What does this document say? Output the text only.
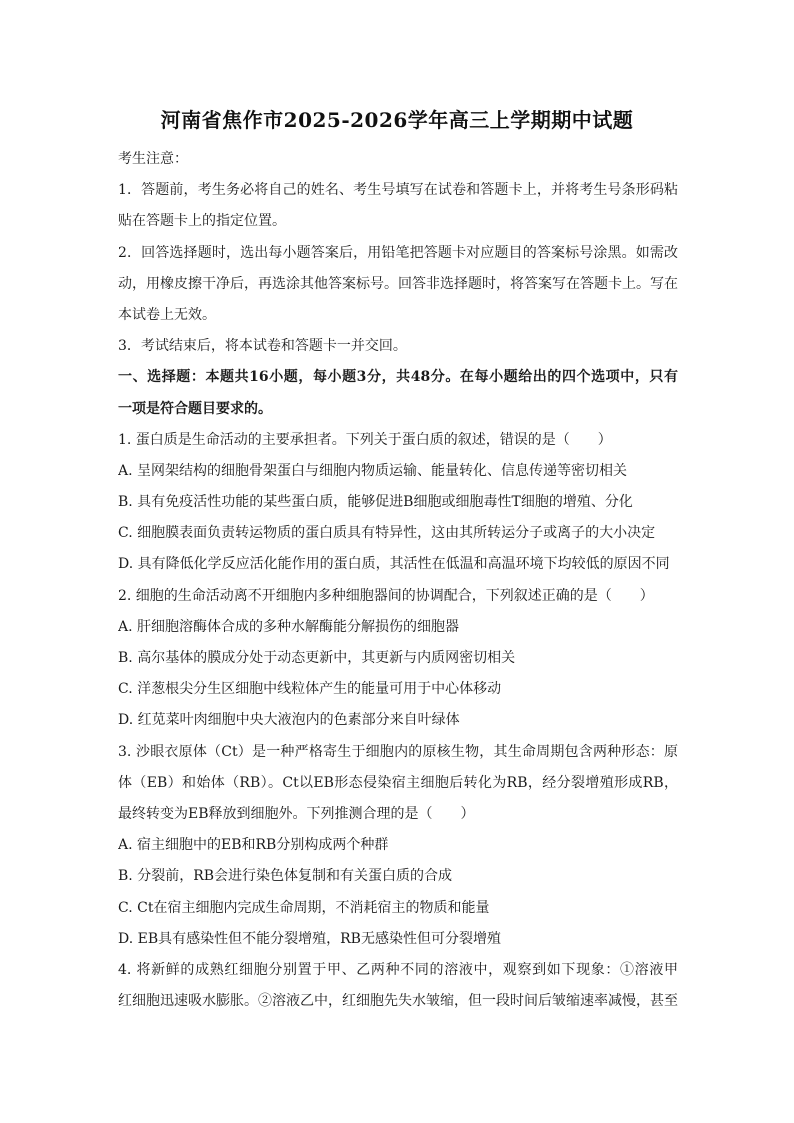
河南省焦作市2025-2026学年高三上学期期中试题
考生注意：
1．答题前，考生务必将自己的姓名、考生号填写在试卷和答题卡上，并将考生号条形码粘
贴在答题卡上的指定位置。
2．回答选择题时，选出每小题答案后，用铅笔把答题卡对应题目的答案标号涂黑。如需改
动，用橡皮擦干净后，再选涂其他答案标号。回答非选择题时，将答案写在答题卡上。写在
本试卷上无效。
3．考试结束后，将本试卷和答题卡一并交回。
一、选择题：本题共16小题，每小题3分，共48分。在每小题给出的四个选项中，只有
一项是符合题目要求的。
1. 蛋白质是生命活动的主要承担者。下列关于蛋白质的叙述，错误的是（　　）
A. 呈网架结构的细胞骨架蛋白与细胞内物质运输、能量转化、信息传递等密切相关
B. 具有免疫活性功能的某些蛋白质，能够促进B细胞或细胞毒性T细胞的增殖、分化
C. 细胞膜表面负责转运物质的蛋白质具有特异性，这由其所转运分子或离子的大小决定
D. 具有降低化学反应活化能作用的蛋白质，其活性在低温和高温环境下均较低的原因不同
2. 细胞的生命活动离不开细胞内多种细胞器间的协调配合，下列叙述正确的是（　　）
A. 肝细胞溶酶体合成的多种水解酶能分解损伤的细胞器
B. 高尔基体的膜成分处于动态更新中，其更新与内质网密切相关
C. 洋葱根尖分生区细胞中线粒体产生的能量可用于中心体移动
D. 红苋菜叶肉细胞中央大液泡内的色素部分来自叶绿体
3. 沙眼衣原体（Ct）是一种严格寄生于细胞内的原核生物，其生命周期包含两种形态：原
体（EB）和始体（RB）。Ct以EB形态侵染宿主细胞后转化为RB，经分裂增殖形成RB，
最终转变为EB释放到细胞外。下列推测合理的是（　　）
A. 宿主细胞中的EB和RB分别构成两个种群
B. 分裂前，RB会进行染色体复制和有关蛋白质的合成
C. Ct在宿主细胞内完成生命周期，不消耗宿主的物质和能量
D. EB具有感染性但不能分裂增殖，RB无感染性但可分裂增殖
4. 将新鲜的成熟红细胞分别置于甲、乙两种不同的溶液中，观察到如下现象：①溶液甲
红细胞迅速吸水膨胀。②溶液乙中，红细胞先失水皱缩，但一段时间后皱缩速率减慢，甚至
